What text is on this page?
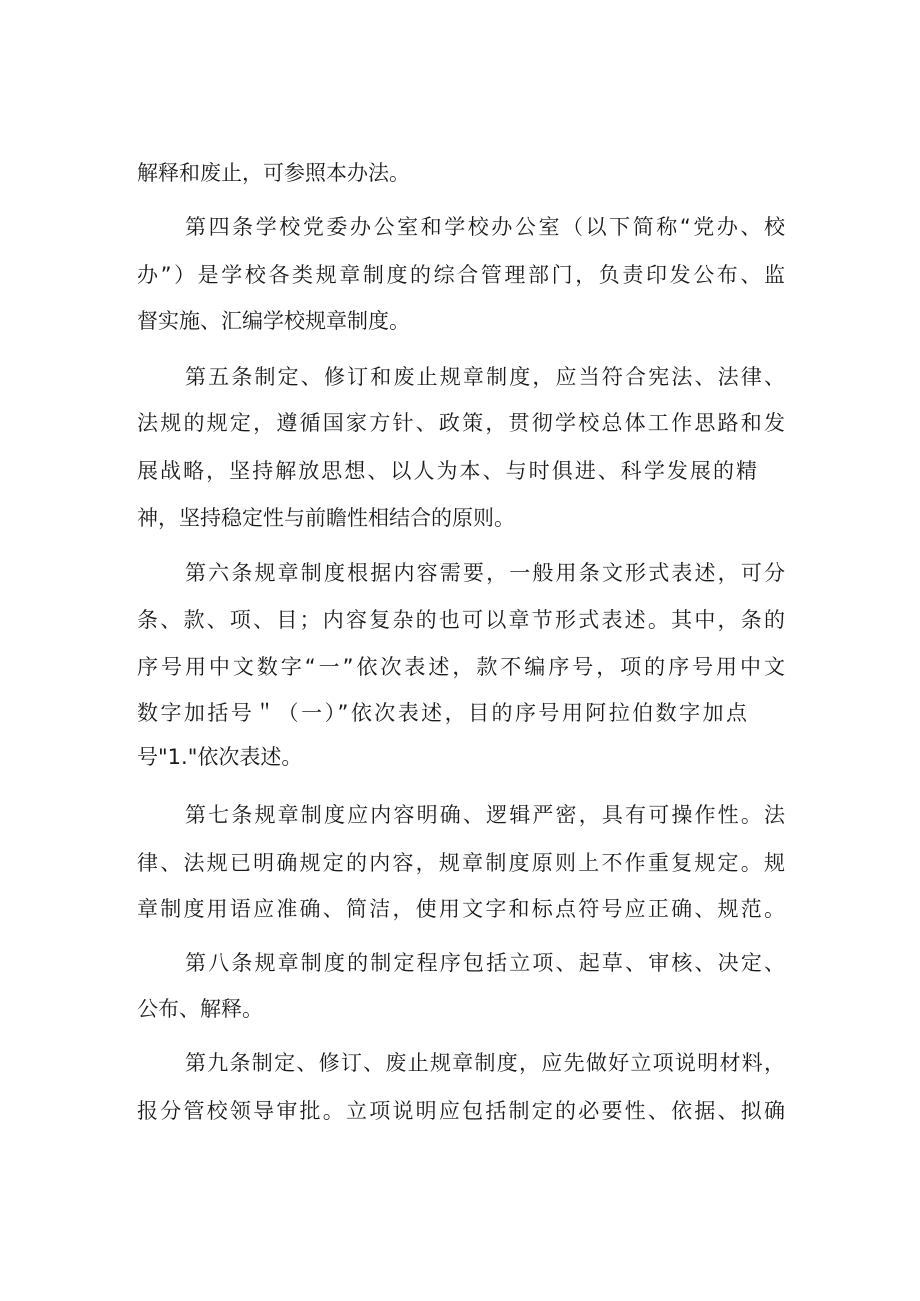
解释和废止，可参照本办法。

第四条学校党委办公室和学校办公室（以下简称“党办、校

办”）是学校各类规章制度的综合管理部门，负责印发公布、监

督实施、汇编学校规章制度。

第五条制定、修订和废止规章制度，应当符合宪法、法律、

法规的规定，遵循国家方针、政策，贯彻学校总体工作思路和发

展战略，坚持解放思想、以人为本、与时俱进、科学发展的精

神，坚持稳定性与前瞻性相结合的原则。

第六条规章制度根据内容需要，一般用条文形式表述，可分

条、款、项、目；内容复杂的也可以章节形式表述。其中，条的

序号用中文数字“一”依次表述，款不编序号，项的序号用中文

数字加括号＂（一）”依次表述，目的序号用阿拉伯数字加点

号"1."依次表述。

第七条规章制度应内容明确、逻辑严密，具有可操作性。法

律、法规已明确规定的内容，规章制度原则上不作重复规定。规

章制度用语应准确、简洁，使用文字和标点符号应正确、规范。

第八条规章制度的制定程序包括立项、起草、审核、决定、

公布、解释。

第九条制定、修订、废止规章制度，应先做好立项说明材料，

报分管校领导审批。立项说明应包括制定的必要性、依据、拟确
